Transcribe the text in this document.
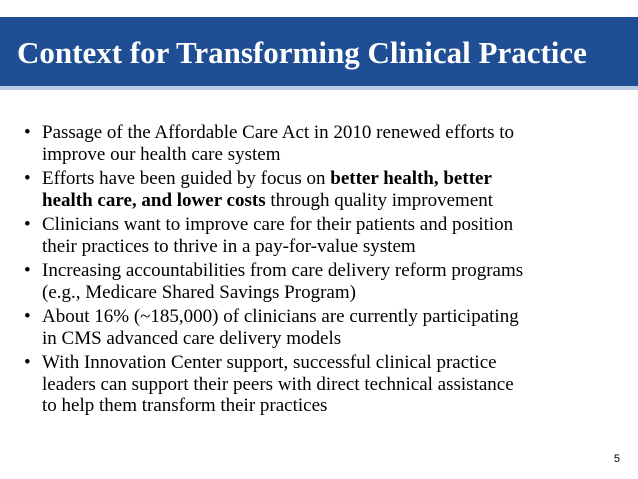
Context for Transforming Clinical Practice
• Passage of the Affordable Care Act in 2010 renewed efforts to
improve our health care system
• Efforts have been guided by focus on better health, better
health care, and lower costs through quality improvement
• Clinicians want to improve care for their patients and position
their practices to thrive in a pay-for-value system
• Increasing accountabilities from care delivery reform programs
(e.g., Medicare Shared Savings Program)
• About 16% (~185,000) of clinicians are currently participating
in CMS advanced care delivery models
• With Innovation Center support, successful clinical practice
leaders can support their peers with direct technical assistance
to help them transform their practices
5
